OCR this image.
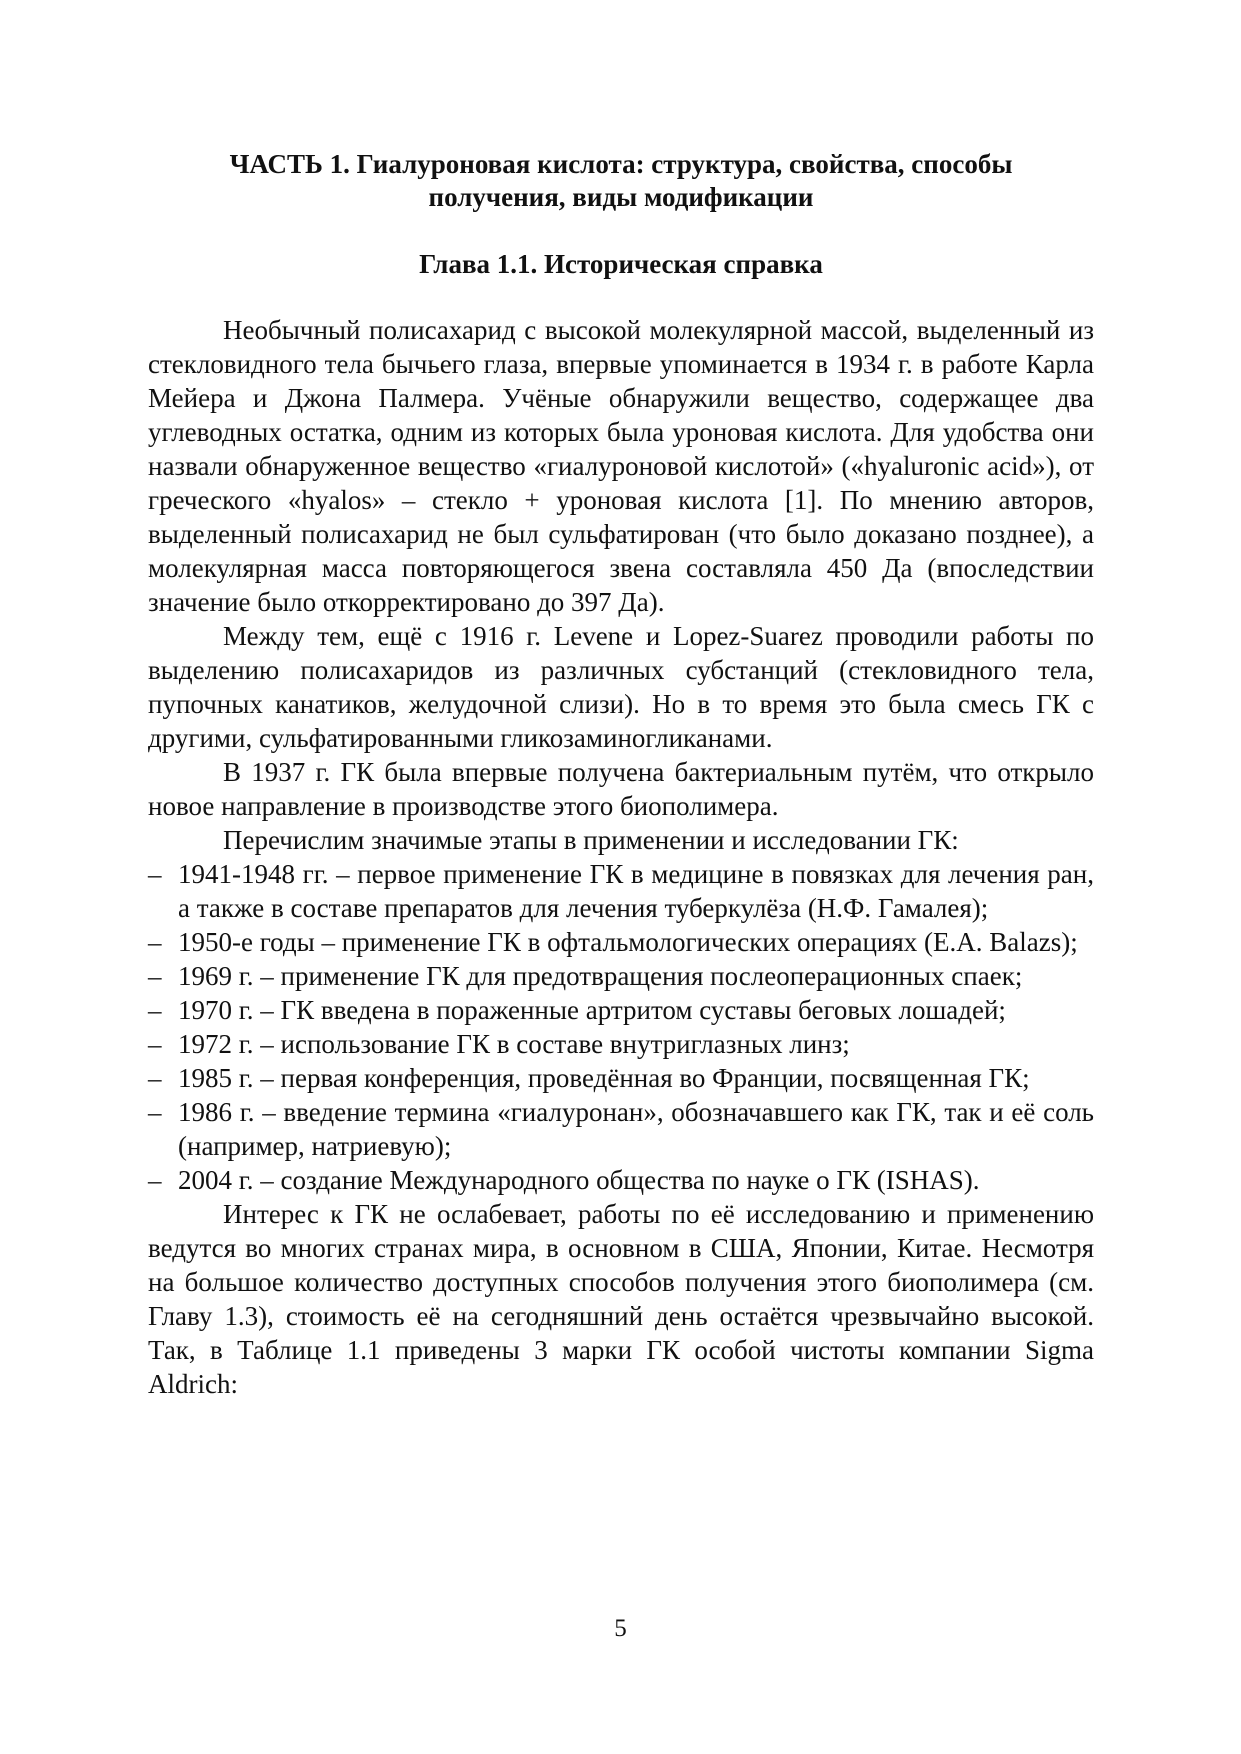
ЧАСТЬ 1. Гиалуроновая кислота: структура, свойства, способы
получения, виды модификации
Глава 1.1. Историческая справка

Необычный полисахарид с высокой молекулярной массой, выделенный из стекловидного тела бычьего глаза, впервые упоминается в 1934 г. в работе Карла Мейера и Джона Палмера. Учёные обнаружили вещество, содержащее два углеводных остатка, одним из которых была уроновая кислота. Для удобства они назвали обнаруженное вещество «гиалуроновой кислотой» («hyaluronic acid»), от греческого «hyalos» – стекло + уроновая кислота [1]. По мнению авторов, выделенный полисахарид не был сульфатирован (что было доказано позднее), а молекулярная масса повторяющегося звена составляла 450 Да (впоследствии значение было откорректировано до 397 Да).

Между тем, ещё с 1916 г. Levene и Lopez-Suarez проводили работы по выделению полисахаридов из различных субстанций (стекловидного тела, пупочных канатиков, желудочной слизи). Но в то время это была смесь ГК с другими, сульфатированными гликозаминогликанами.

В 1937 г. ГК была впервые получена бактериальным путём, что открыло новое направление в производстве этого биополимера.

Перечислим значимые этапы в применении и исследовании ГК:

– 1941-1948 гг. – первое применение ГК в медицине в повязках для лечения ран, а также в составе препаратов для лечения туберкулёза (Н.Ф. Гамалея);
– 1950-е годы – применение ГК в офтальмологических операциях (E.A. Balazs);
– 1969 г. – применение ГК для предотвращения послеоперационных спаек;
– 1970 г. – ГК введена в пораженные артритом суставы беговых лошадей;
– 1972 г. – использование ГК в составе внутриглазных линз;
– 1985 г. – первая конференция, проведённая во Франции, посвященная ГК;
– 1986 г. – введение термина «гиалуронан», обозначавшего как ГК, так и её соль (например, натриевую);
– 2004 г. – создание Международного общества по науке о ГК (ISHAS).

Интерес к ГК не ослабевает, работы по её исследованию и применению ведутся во многих странах мира, в основном в США, Японии, Китае. Несмотря на большое количество доступных способов получения этого биополимера (см. Главу 1.3), стоимость её на сегодняшний день остаётся чрезвычайно высокой. Так, в Таблице 1.1 приведены 3 марки ГК особой чистоты компании Sigma Aldrich:

5
